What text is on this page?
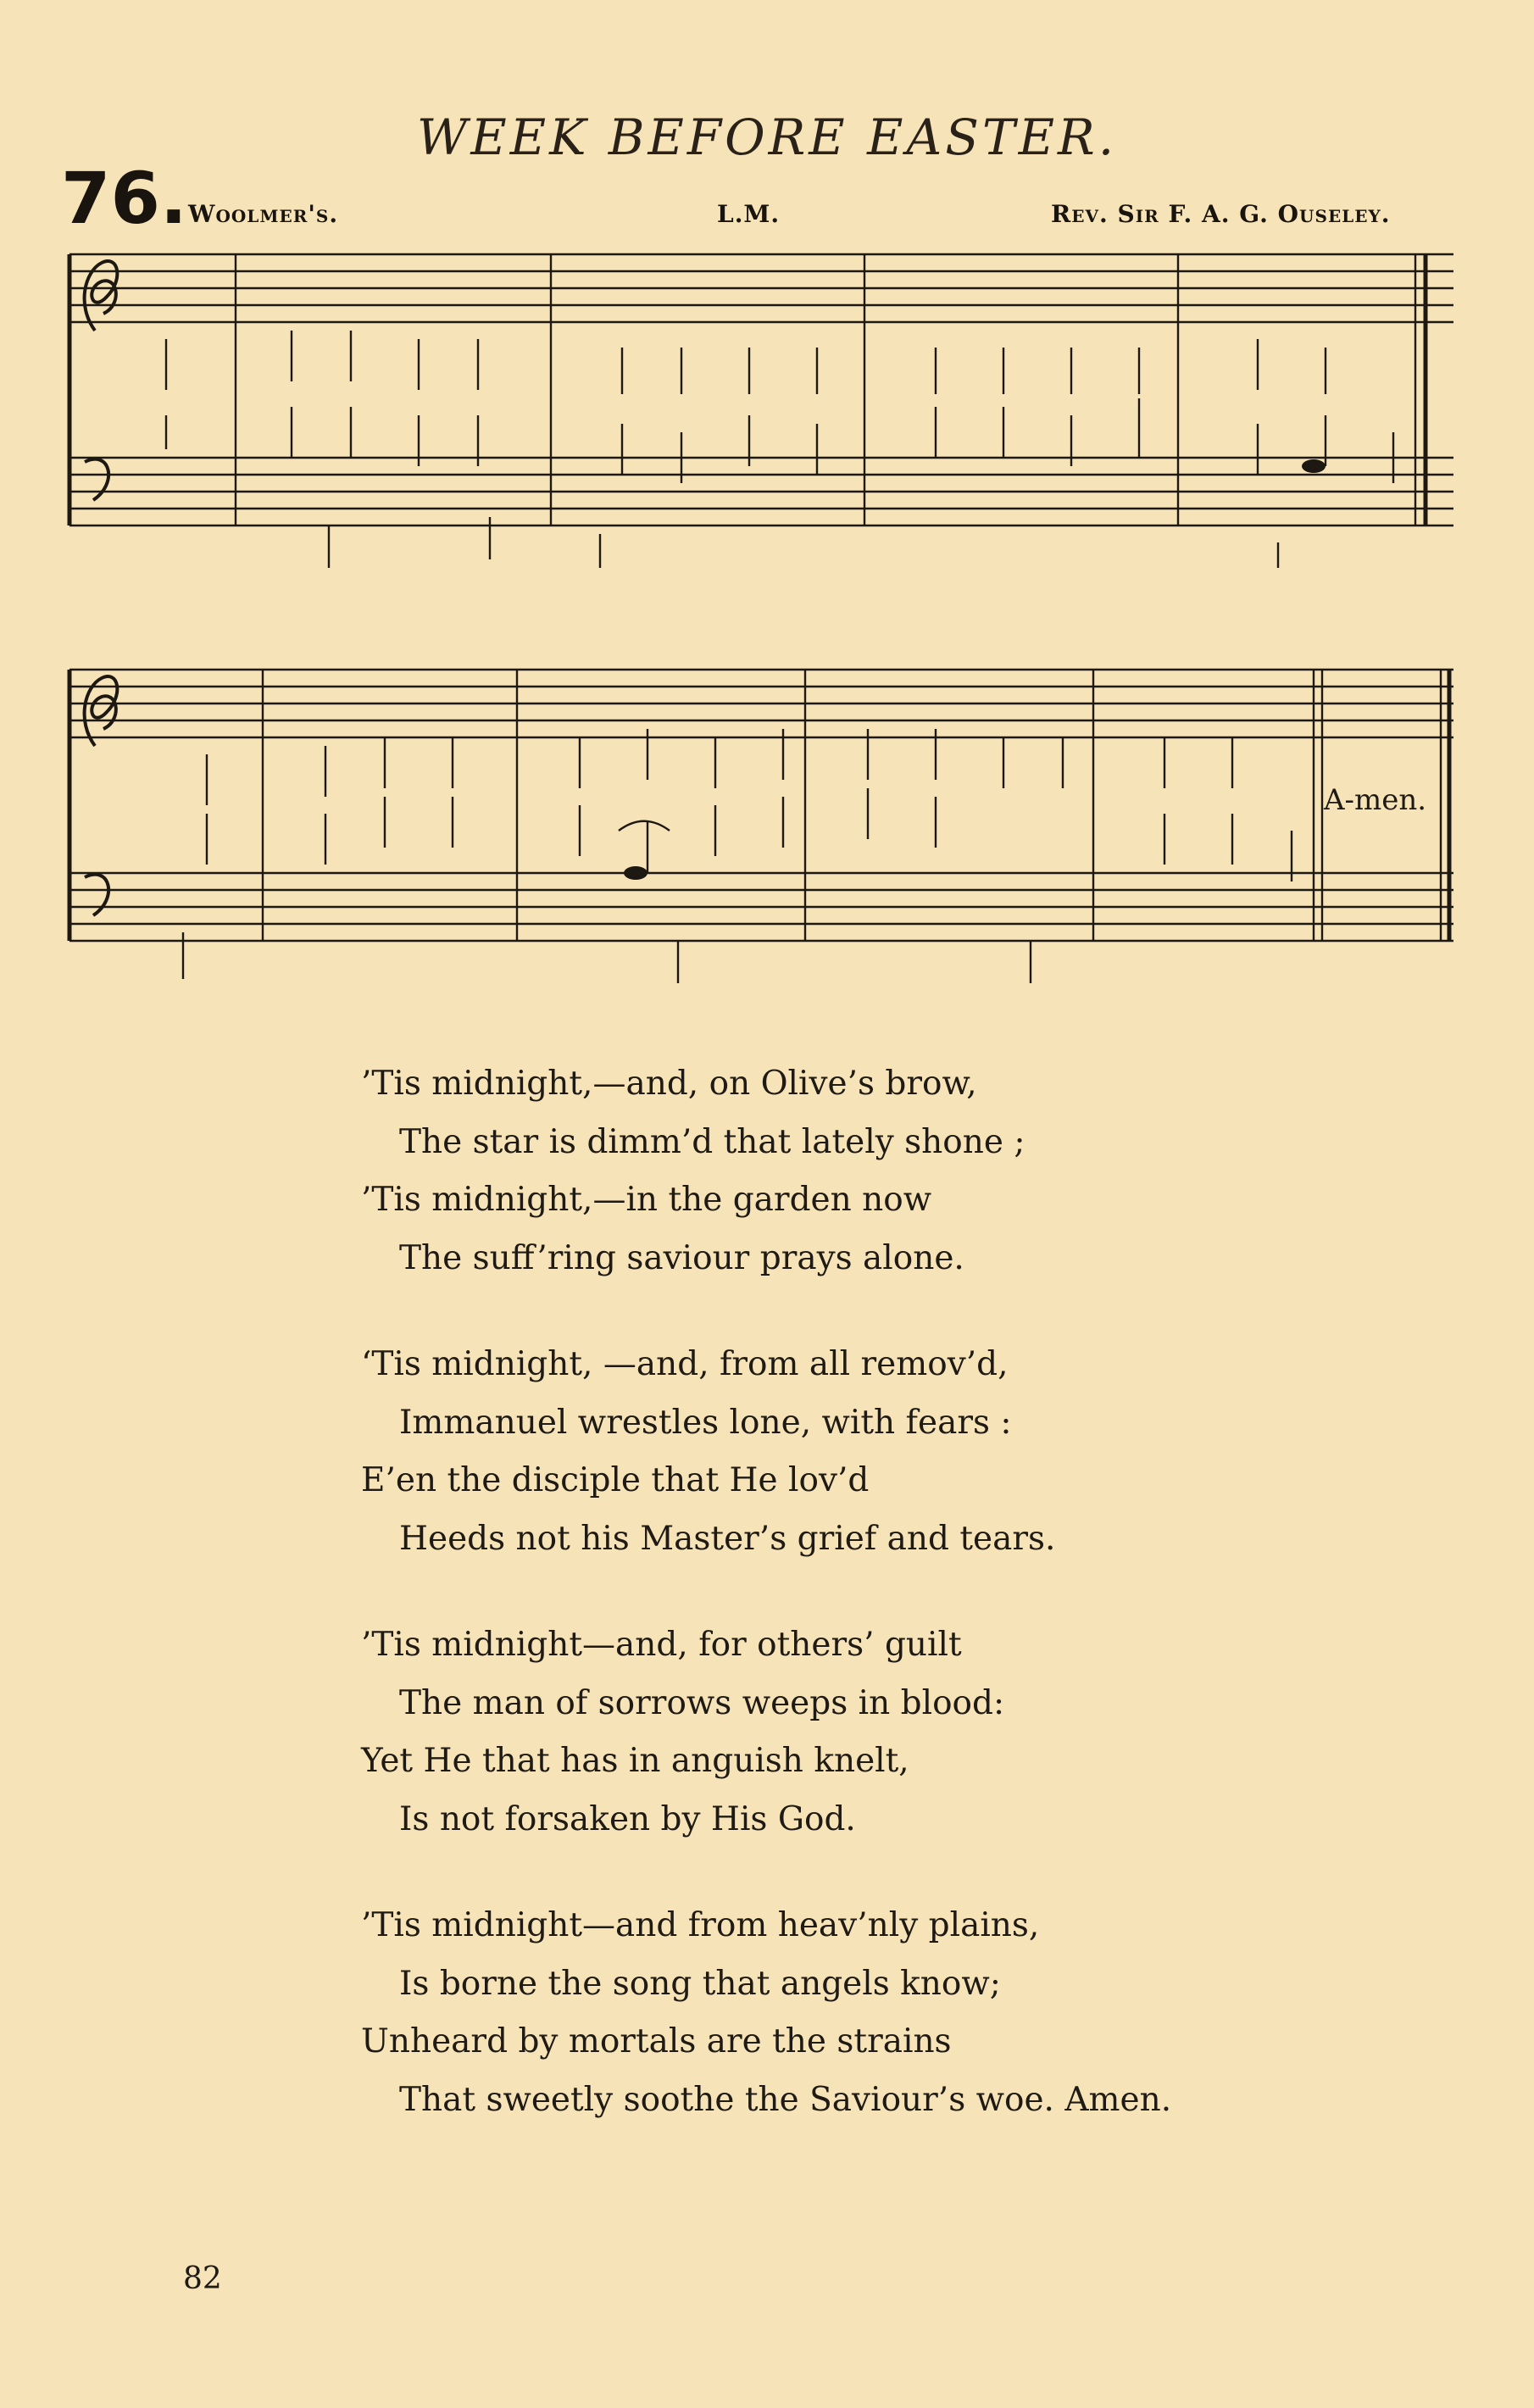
WEEK BEFORE EASTER.
76. Woolmer's.	L.M.	Rev. Sir F. A. G. Ouseley.
A-men.
’Tis midnight,—and, on Olive’s brow,
The star is dimm’d that lately shone ;
’Tis midnight,—in the garden now
The suff’ring saviour prays alone.
‘Tis midnight, —and, from all remov’d,
Immanuel wrestles lone, with fears :
E’en the disciple that He lov’d
Heeds not his Master’s grief and tears.
’Tis midnight—and, for others’ guilt
The man of sorrows weeps in blood:
Yet He that has in anguish knelt,
Is not forsaken by His God.
’Tis midnight—and from heav’nly plains,
Is borne the song that angels know;
Unheard by mortals are the strains
That sweetly soothe the Saviour’s woe. Amen.
82
